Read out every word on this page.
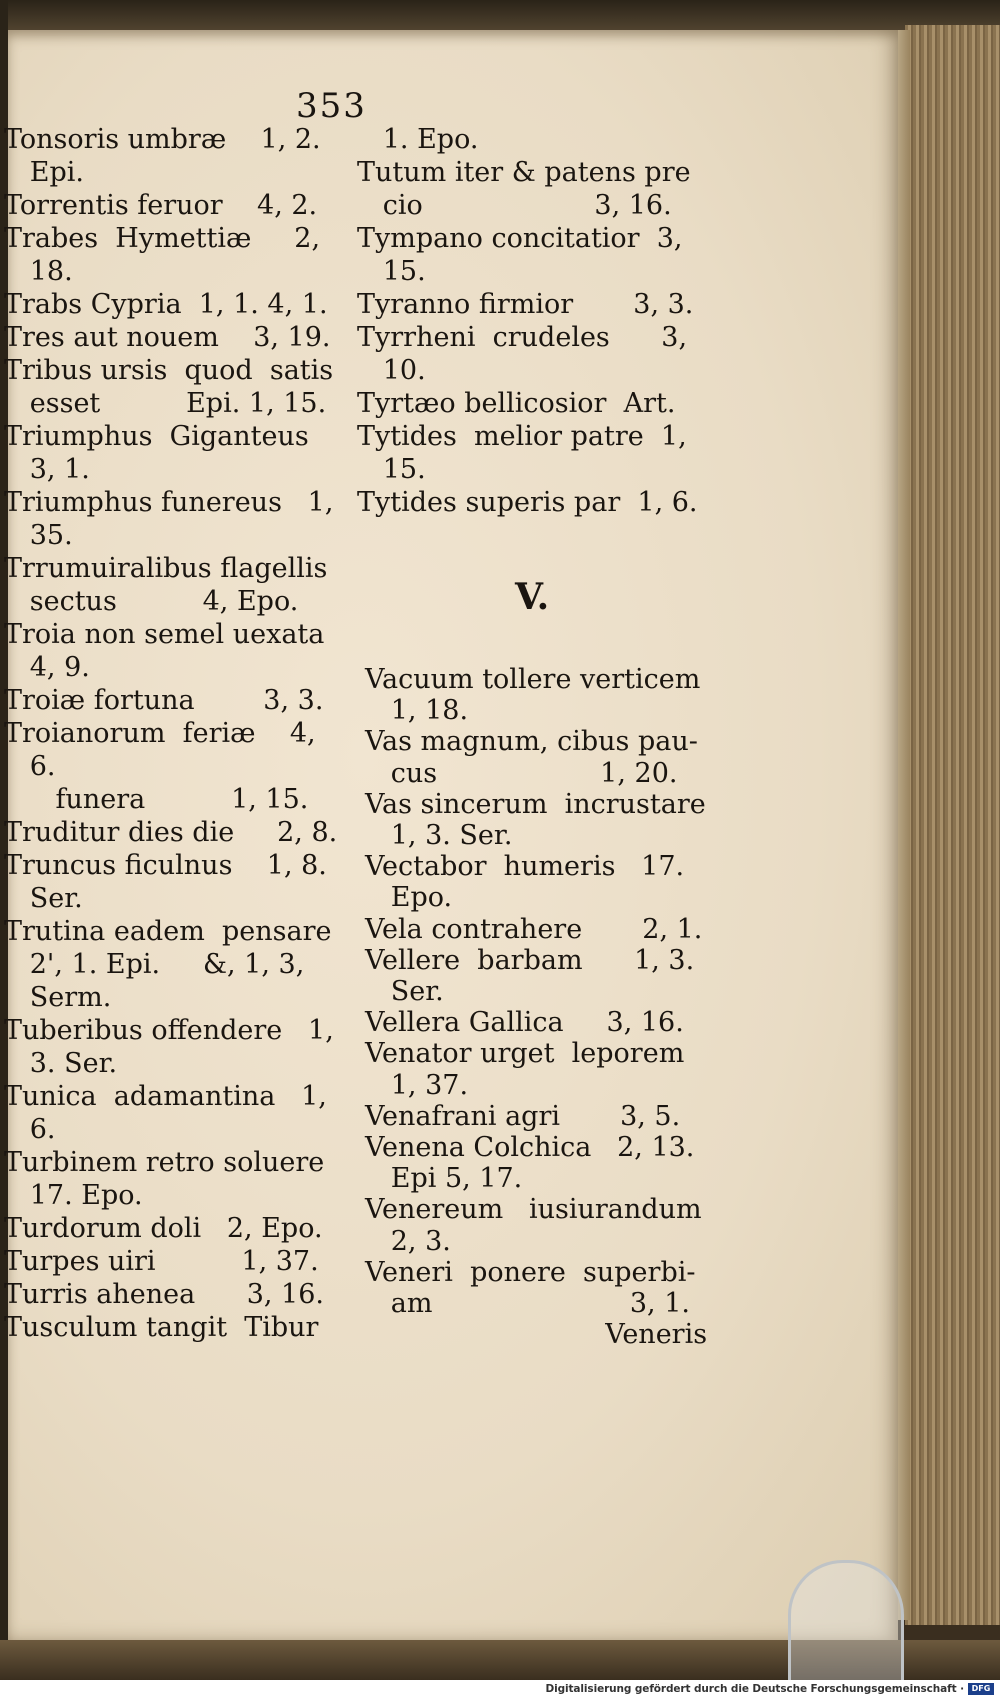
Digitalisierung gefördert durch die Deutsche Forschungsgemeinschaft · DFG
353
Tonsoris umbræ    1, 2.
Epi.
Torrentis feruor    4, 2.
Trabes  Hymettiæ     2,
18.
Trabs Cypria  1, 1. 4, 1.
Tres aut nouem    3, 19.
Tribus ursis  quod  satis
esset          Epi. 1, 15.
Triumphus  Giganteus
3, 1.
Triumphus funereus   1,
35.
Trrumuiralibus flagellis
sectus          4, Epo.
Troia non semel uexata
4, 9.
Troiæ fortuna        3, 3.
Troianorum  feriæ    4,
6.
funera          1, 15.
Truditur dies die     2, 8.
Truncus ficulnus    1, 8.
Ser.
Trutina eadem  pensare
2', 1. Epi.     &, 1, 3,
Serm.
Tuberibus offendere   1,
3. Ser.
Tunica  adamantina   1,
6.
Turbinem retro soluere
17. Epo.
Turdorum doli   2, Epo.
Turpes uiri          1, 37.
Turris ahenea      3, 16.
Tusculum tangit  Tibur
1. Epo.
Tutum iter & patens pre
cio                    3, 16.
Tympano concitatior  3,
15.
Tyranno firmior       3, 3.
Tyrrheni  crudeles      3,
10.
Tyrtæo bellicosior  Art.
Tytides  melior patre  1,
15.
Tytides superis par  1, 6.
V.
Vacuum tollere verticem
1, 18.
Vas magnum, cibus pau-
cus                   1, 20.
Vas sincerum  incrustare
1, 3. Ser.
Vectabor  humeris   17.
Epo.
Vela contrahere       2, 1.
Vellere  barbam      1, 3.
Ser.
Vellera Gallica     3, 16.
Venator urget  leporem
1, 37.
Venafrani agri       3, 5.
Venena Colchica   2, 13.
Epi 5, 17.
Venereum   iusiurandum
2, 3.
Veneri  ponere  superbi-
am                       3, 1.
Veneris
